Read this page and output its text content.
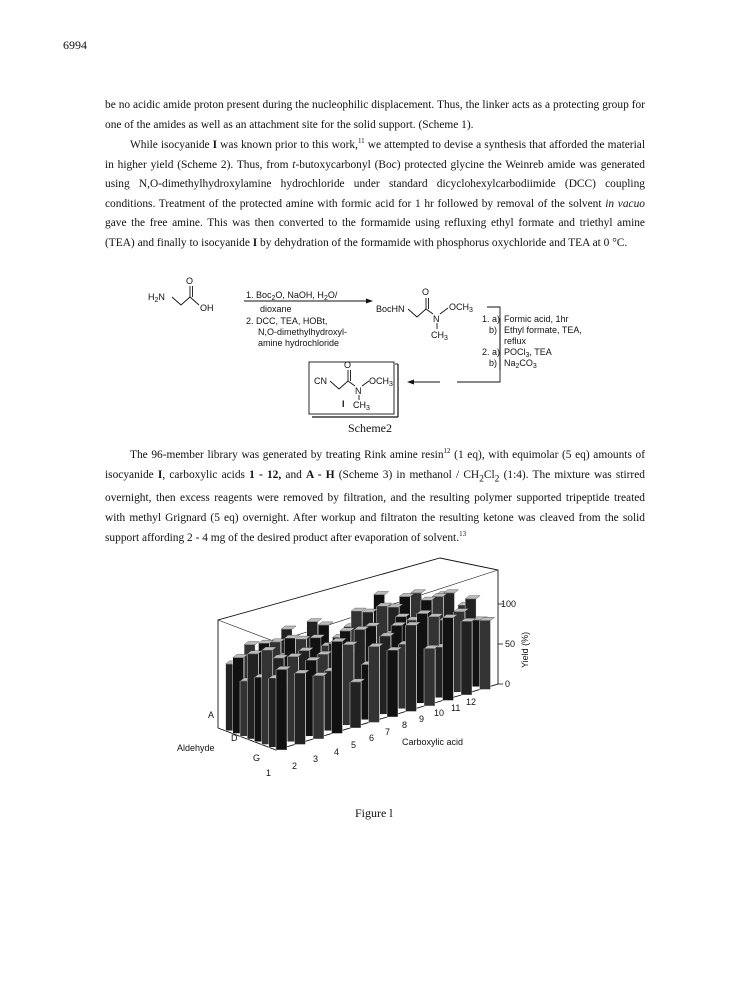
6994

be no acidic amide proton present during the nucleophilic displacement. Thus, the linker acts as a protecting group for one of the amides as well as an attachment site for the solid support. (Scheme 1).

While isocyanide I was known prior to this work,$^{11}$ we attempted to devise a synthesis that afforded the material in higher yield (Scheme 2). Thus, from t-butoxycarbonyl (Boc) protected glycine the Weinreb amide was generated using N,O-dimethylhydroxylamine hydrochloride under standard dicyclohexylcarbodiimide (DCC) coupling conditions. Treatment of the protected amine with formic acid for 1 hr followed by removal of the solvent in vacuo gave the free amine. This was then converted to the formamide using refluxing ethyl formate and triethyl amine (TEA) and finally to isocyanide I by dehydration of the formamide with phosphorus oxychloride and TEA at 0 °C.

The 96-member library was generated by treating Rink amine resin$^{12}$ (1 eq), with equimolar (5 eq) amounts of isocyanide I, carboxylic acids 1 - 12, and A - H (Scheme 3) in methanol / $CH_2Cl_2$ (1:4). The mixture was stirred overnight, then excess reagents were removed by filtration, and the resulting polymer supported tripeptide treated with methyl Grignard (5 eq) overnight. After workup and filtraton the resulting ketone was cleaved from the solid support affording 2 - 4 mg of the desired product after evaporation of solvent.$^{13}$

$H_2N$
O
OH
1. Boc$_2$O, NaOH, $H_2O/$
dioxane
2. DCC, TEA, HOBt,
N,O-dimethylhydroxyl-
amine hydrochloride
BocHN
O
N
$OCH_3$
$CH_3$
1. a) Formic acid, 1hr
b) Ethyl formate, TEA,
reflux
2. a) POCl$_3$, TEA
b) $Na_2CO_3$
CN
O
N
$OCH_3$
$CH_3$
I
100
50
0
Yield (%)
1
2
3
4
5
6
7
8
9
10 11
12
Carboxylic acid
A
D
G
Aldehyde
Scheme2
Figure l
